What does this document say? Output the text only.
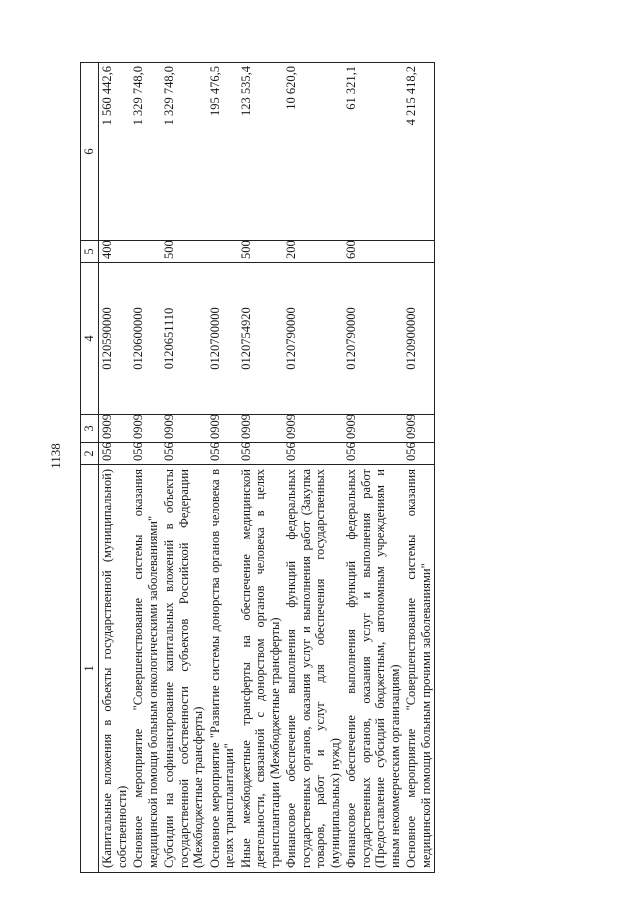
1138
1	2	3	4	5	6
(Капитальные вложения в объекты государственной (муниципальной) собственности)	056	0909	0120590000	400	1 560 442,6
Основное мероприятие "Совершенствование системы оказания медицинской помощи больным онкологическими заболеваниями"	056	0909	0120600000		1 329 748,0
Субсидии на софинансирование капитальных вложений в объекты государственной собственности субъектов Российской Федерации (Межбюджетные трансферты)	056	0909	0120651110	500	1 329 748,0
Основное мероприятие "Развитие системы донорства органов человека в целях трансплантации"	056	0909	0120700000		195 476,5
Иные межбюджетные трансферты на обеспечение медицинской деятельности, связанной с донорством органов человека в целях трансплантации (Межбюджетные трансферты)	056	0909	0120754920	500	123 535,4
Финансовое обеспечение выполнения функций федеральных государственных органов, оказания услуг и выполнения работ (Закупка товаров, работ и услуг для обеспечения государственных (муниципальных) нужд)	056	0909	0120790000	200	10 620,0
Финансовое обеспечение выполнения функций федеральных государственных органов, оказания услуг и выполнения работ (Предоставление субсидий бюджетным, автономным учреждениям и иным некоммерческим организациям)	056	0909	0120790000	600	61 321,1
Основное мероприятие "Совершенствование системы оказания медицинской помощи больным прочими заболеваниями"	056	0909	0120900000		4 215 418,2
